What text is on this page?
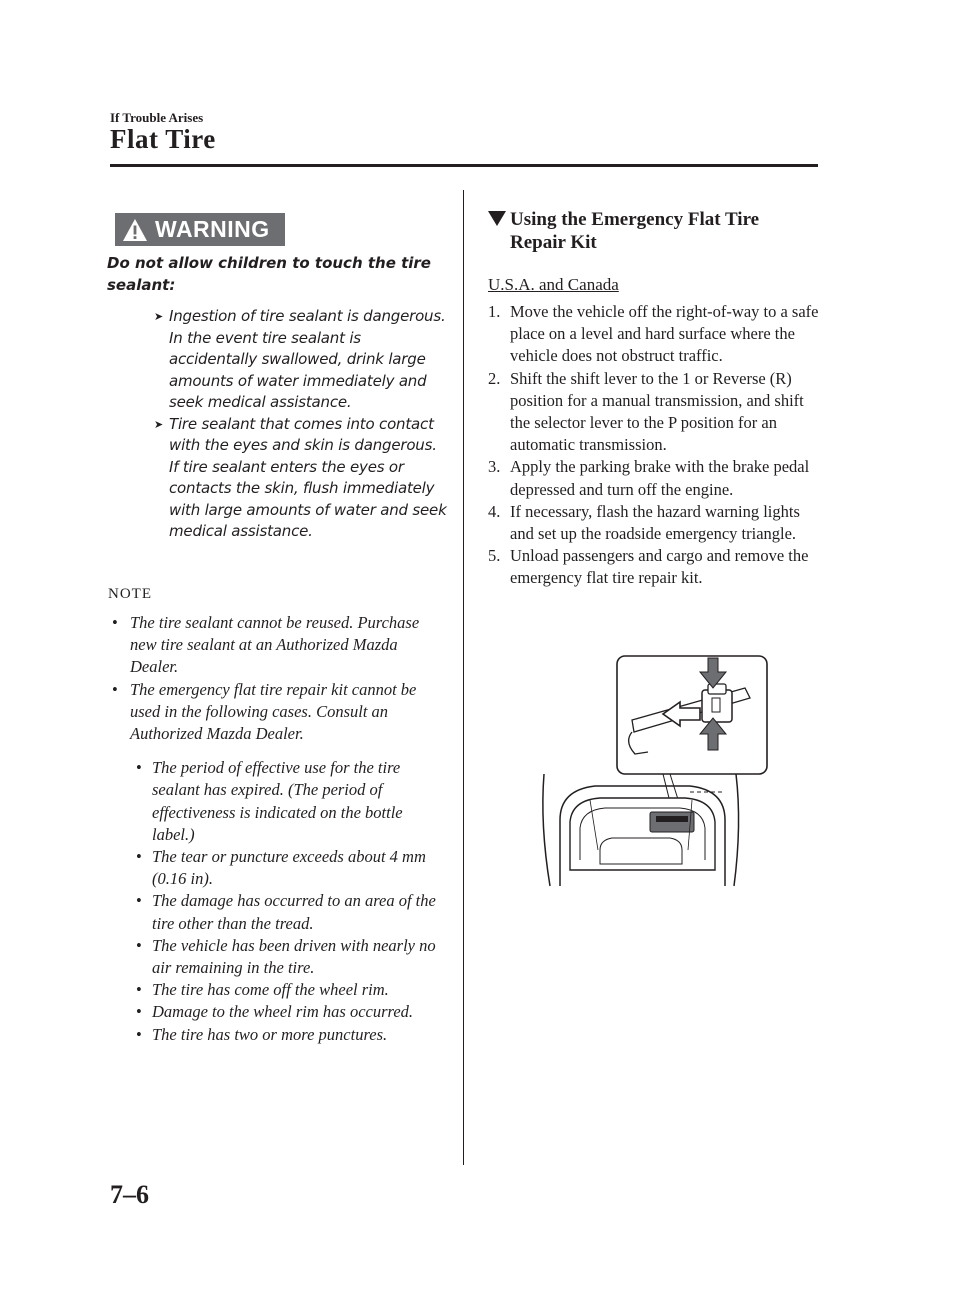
If Trouble Arises
Flat Tire
WARNING
Do not allow children to touch the tire sealant:
➤ Ingestion of tire sealant is dangerous. In the event tire sealant is accidentally swallowed, drink large amounts of water immediately and seek medical assistance.
➤ Tire sealant that comes into contact with the eyes and skin is dangerous. If tire sealant enters the eyes or contacts the skin, flush immediately with large amounts of water and seek medical assistance.
NOTE
• The tire sealant cannot be reused. Purchase new tire sealant at an Authorized Mazda Dealer.
• The emergency flat tire repair kit cannot be used in the following cases. Consult an Authorized Mazda Dealer.
• The period of effective use for the tire sealant has expired. (The period of effectiveness is indicated on the bottle label.)
• The tear or puncture exceeds about 4 mm (0.16 in).
• The damage has occurred to an area of the tire other than the tread.
• The vehicle has been driven with nearly no air remaining in the tire.
• The tire has come off the wheel rim.
• Damage to the wheel rim has occurred.
• The tire has two or more punctures.
Using the Emergency Flat Tire Repair Kit
U.S.A. and Canada
1. Move the vehicle off the right-of-way to a safe place on a level and hard surface where the vehicle does not obstruct traffic.
2. Shift the shift lever to the 1 or Reverse (R) position for a manual transmission, and shift the selector lever to the P position for an automatic transmission.
3. Apply the parking brake with the brake pedal depressed and turn off the engine.
4. If necessary, flash the hazard warning lights and set up the roadside emergency triangle.
5. Unload passengers and cargo and remove the emergency flat tire repair kit.
7–6
